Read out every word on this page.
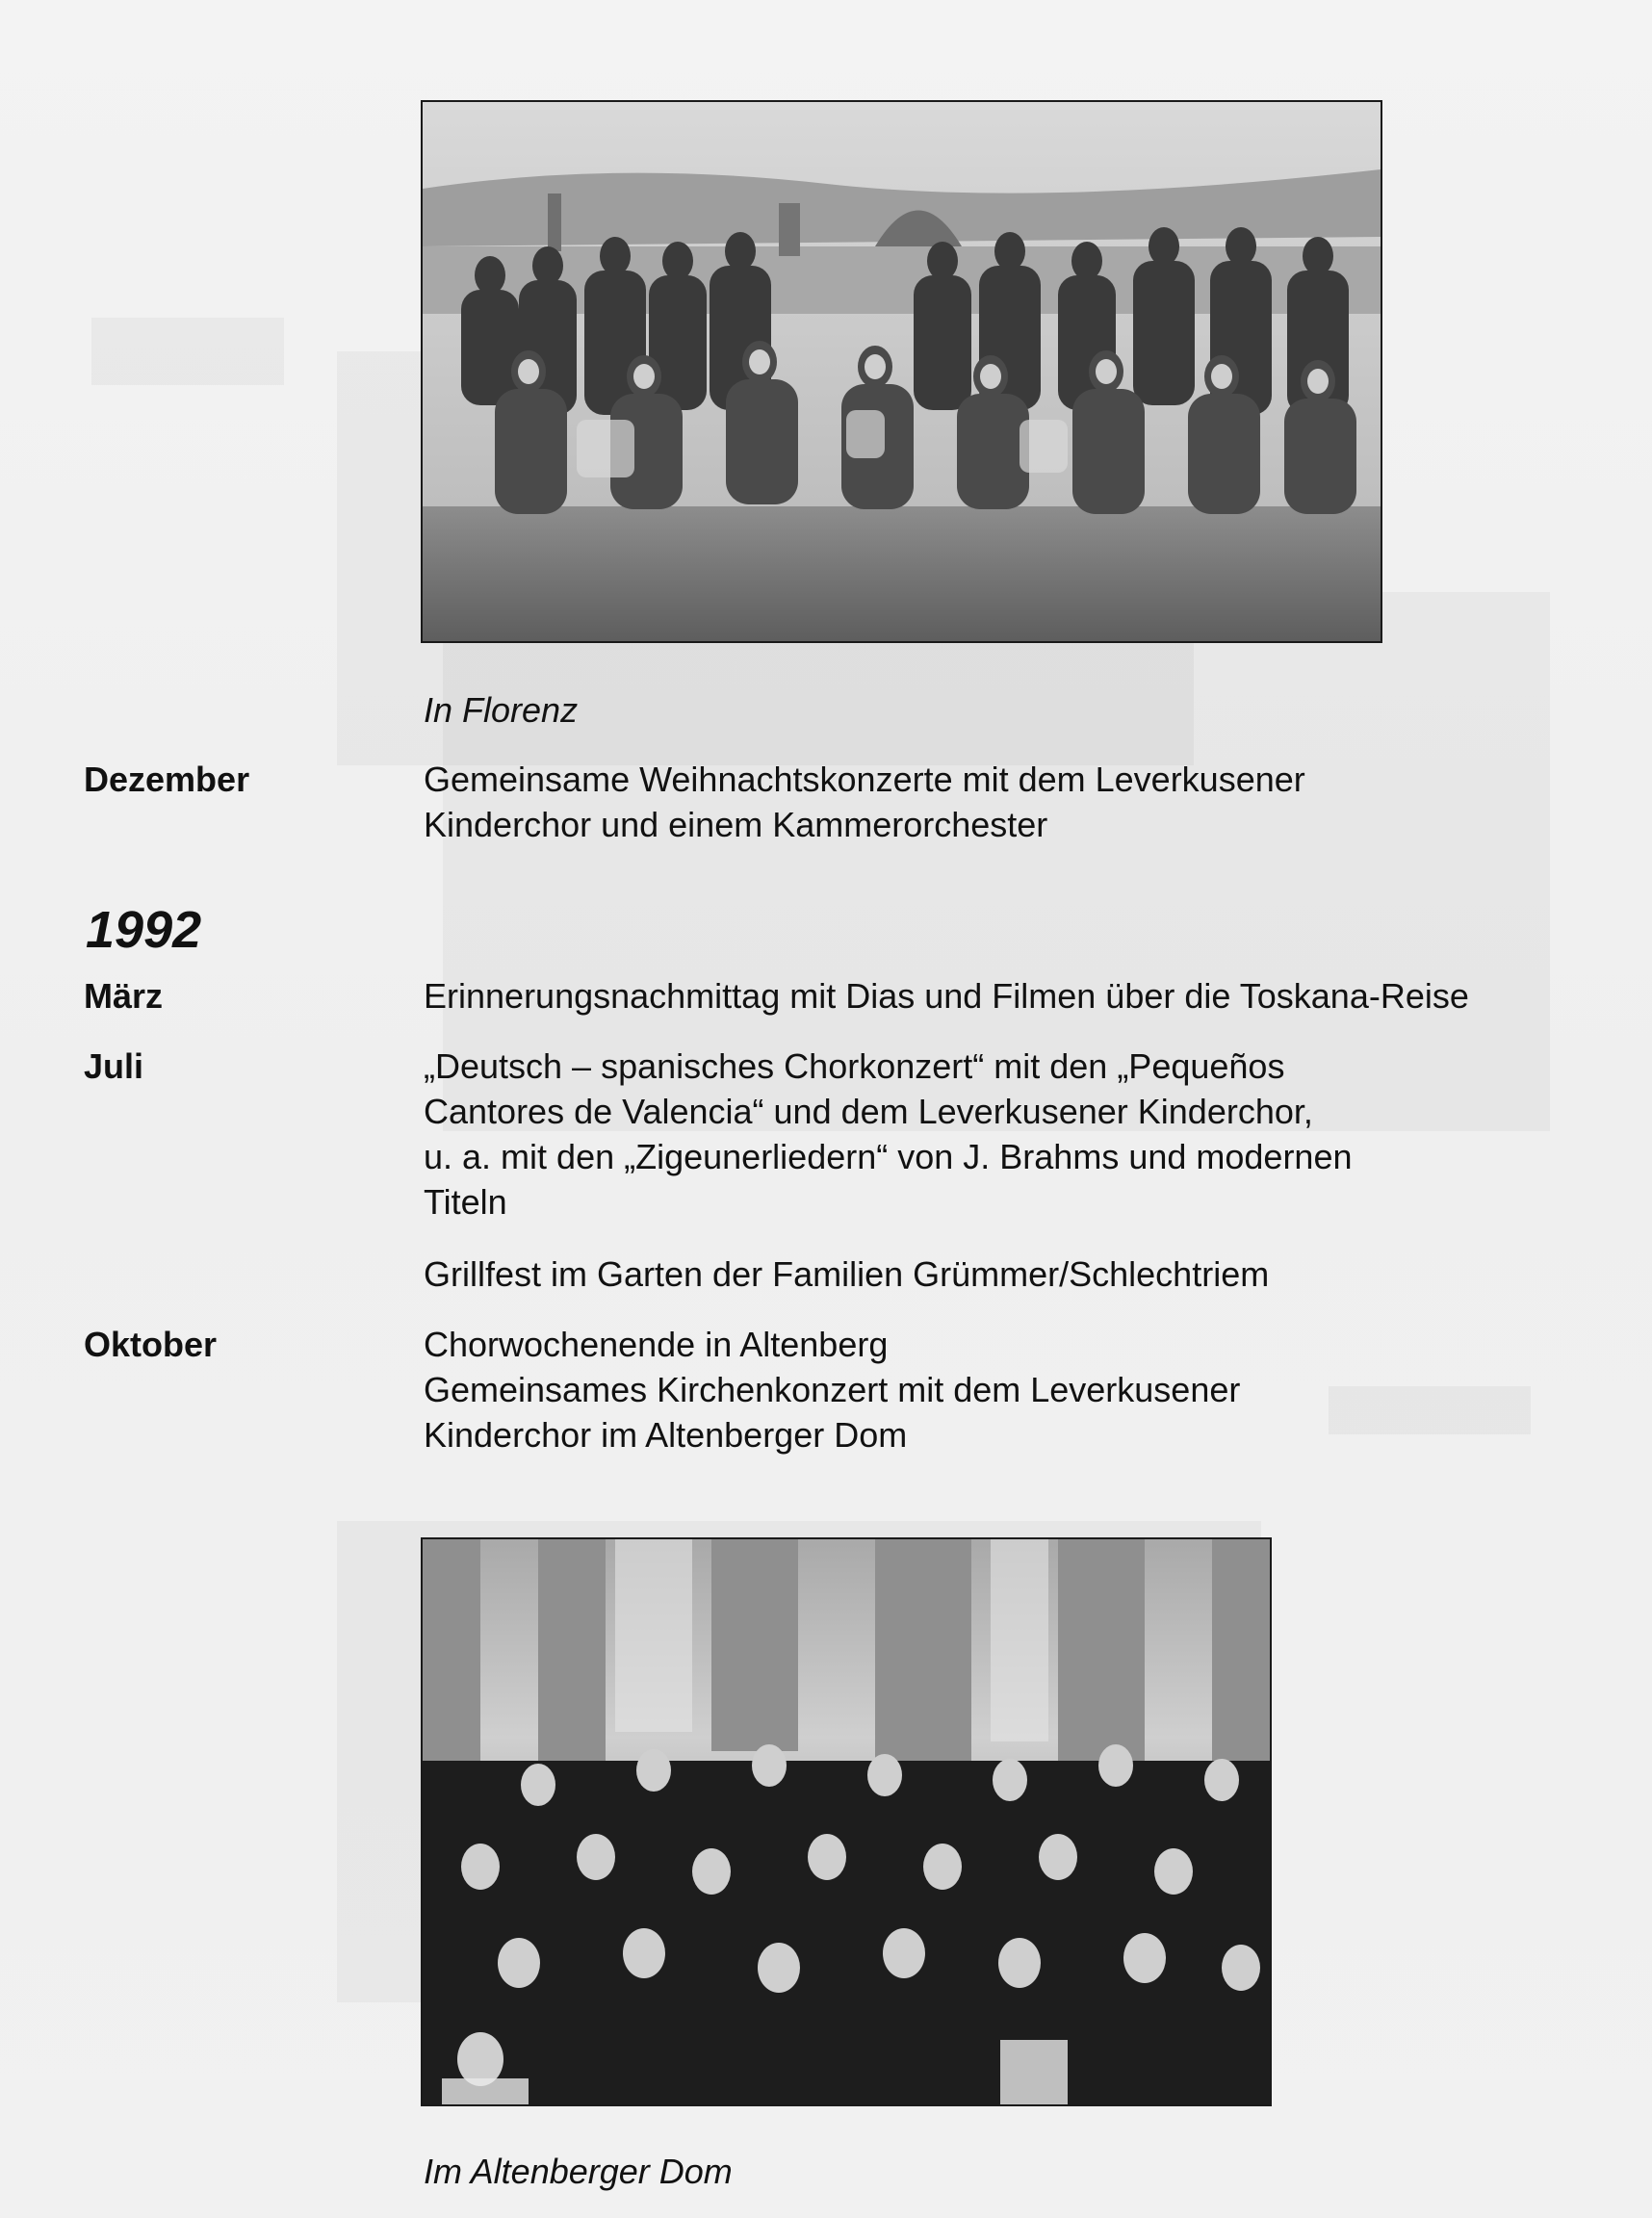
In Florenz
Dezember	Gemeinsame Weihnachtskonzerte mit dem Leverkusener
Kinderchor und einem Kammerorchester
1992
März	Erinnerungsnachmittag mit Dias und Filmen über die Toskana-Reise
Juli	„Deutsch – spanisches Chorkonzert“ mit den „Pequeños
Cantores de Valencia“ und dem Leverkusener Kinderchor,
u. a. mit den „Zigeunerliedern“ von J. Brahms und modernen
Titeln
Grillfest im Garten der Familien Grümmer/Schlechtriem
Oktober	Chorwochenende in Altenberg
Gemeinsames Kirchenkonzert mit dem Leverkusener
Kinderchor im Altenberger Dom
Im Altenberger Dom
